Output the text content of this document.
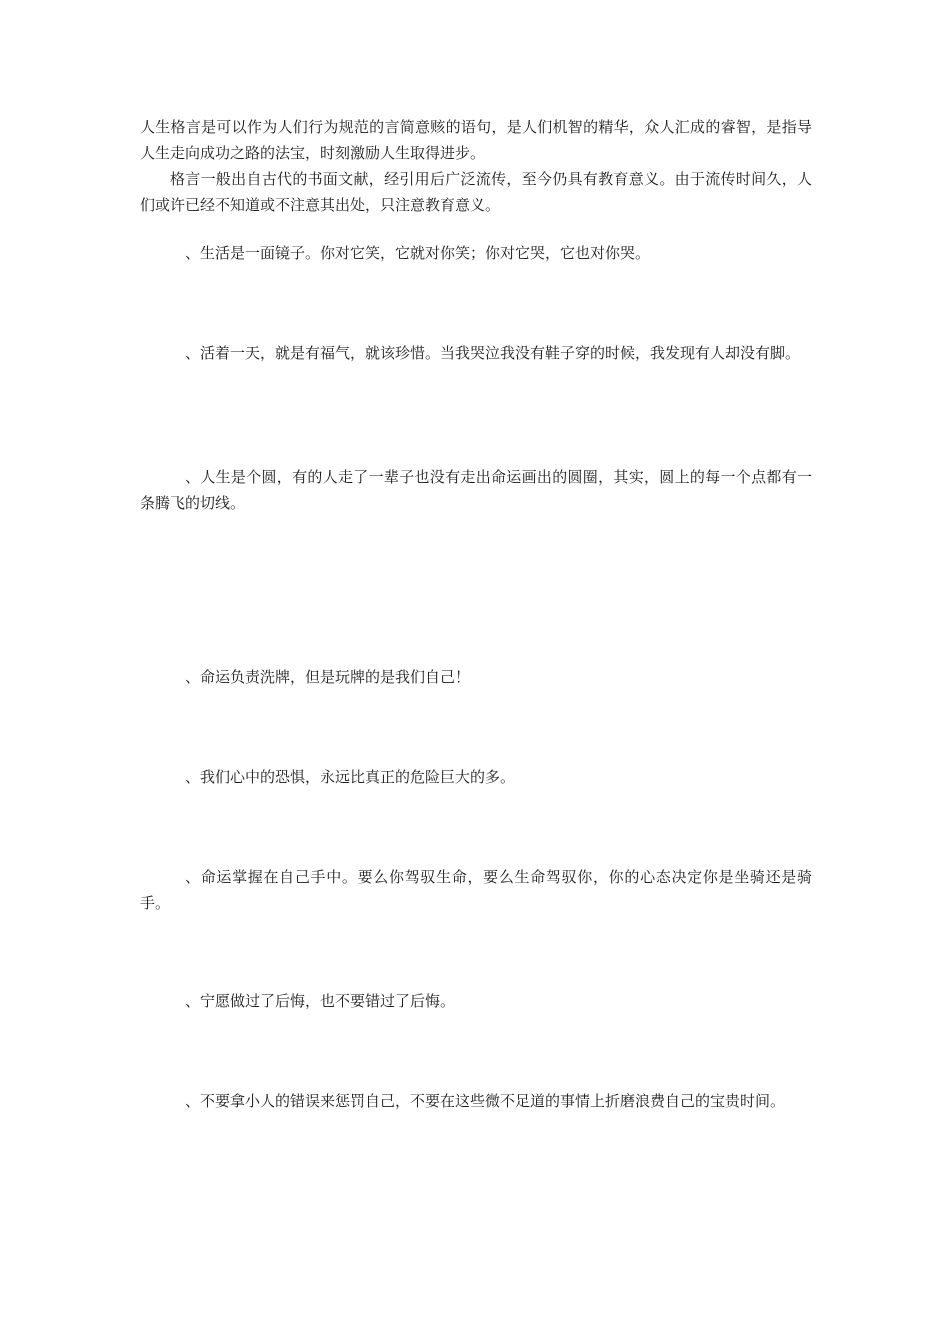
人生格言是可以作为人们行为规范的言简意赅的语句，是人们机智的精华，众人汇成的睿智，是指导人生走向成功之路的法宝，时刻激励人生取得进步。

格言一般出自古代的书面文献，经引用后广泛流传，至今仍具有教育意义。由于流传时间久，人们或许已经不知道或不注意其出处，只注意教育意义。

、生活是一面镜子。你对它笑，它就对你笑；你对它哭，它也对你哭。

、活着一天，就是有福气，就该珍惜。当我哭泣我没有鞋子穿的时候，我发现有人却没有脚。

、人生是个圆，有的人走了一辈子也没有走出命运画出的圆圈，其实，圆上的每一个点都有一条腾飞的切线。

、命运负责洗牌，但是玩牌的是我们自己！

、我们心中的恐惧，永远比真正的危险巨大的多。

、命运掌握在自己手中。要么你驾驭生命，要么生命驾驭你，你的心态决定你是坐骑还是骑手。

、宁愿做过了后悔，也不要错过了后悔。

、不要拿小人的错误来惩罚自己，不要在这些微不足道的事情上折磨浪费自己的宝贵时间。
